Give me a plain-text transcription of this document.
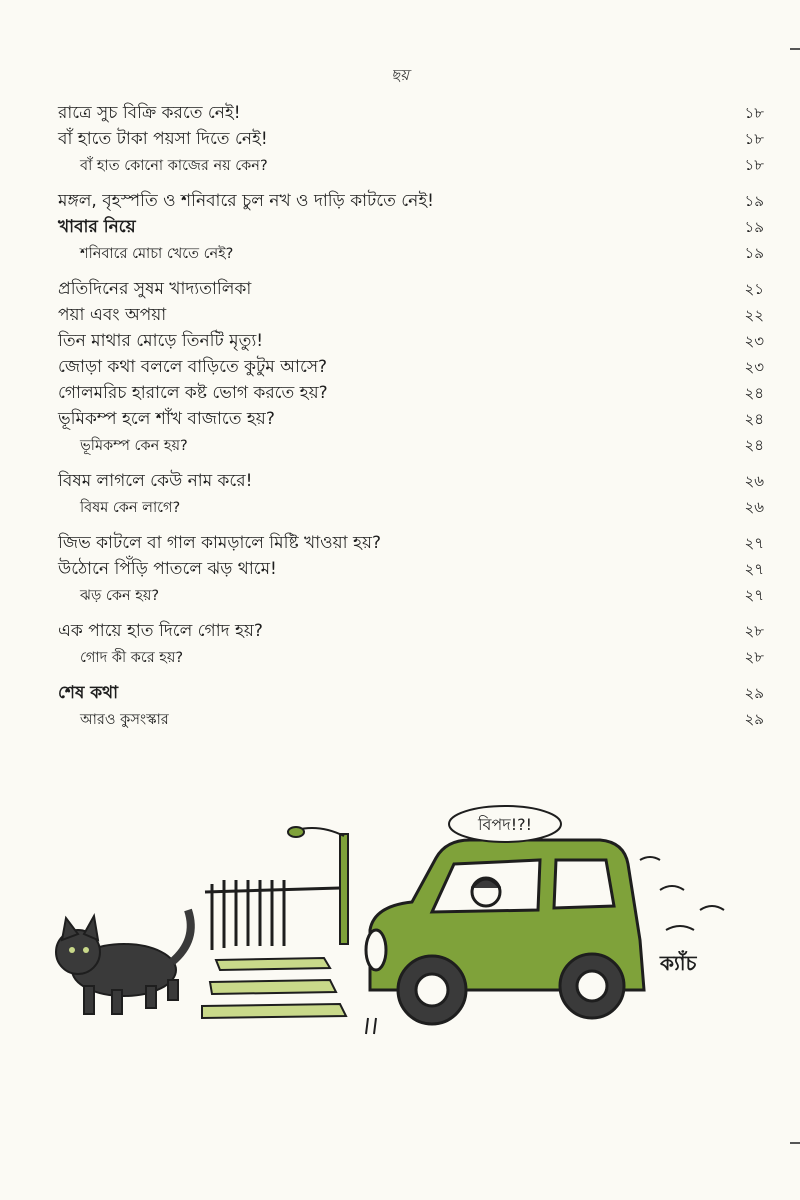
ছয়
রাত্রে সুচ বিক্রি করতে নেই!	১৮
বাঁ হাতে টাকা পয়সা দিতে নেই!	১৮
বাঁ হাত কোনো কাজের নয় কেন?	১৮
মঙ্গল, বৃহস্পতি ও শনিবারে চুল নখ ও দাড়ি কাটতে নেই!	১৯
খাবার নিয়ে	১৯
শনিবারে মোচা খেতে নেই?	১৯
প্রতিদিনের সুষম খাদ্যতালিকা	২১
পয়া এবং অপয়া	২২
তিন মাথার মোড়ে তিনটি মৃত্যু!	২৩
জোড়া কথা বললে বাড়িতে কুটুম আসে?	২৩
গোলমরিচ হারালে কষ্ট ভোগ করতে হয়?	২৪
ভূমিকম্প হলে শাঁখ বাজাতে হয়?	২৪
ভূমিকম্প কেন হয়?	২৪
বিষম লাগলে কেউ নাম করে!	২৬
বিষম কেন লাগে?	২৬
জিভ কাটলে বা গাল কামড়ালে মিষ্টি খাওয়া হয়?	২৭
উঠোনে পিঁড়ি পাতলে ঝড় থামে!	২৭
ঝড় কেন হয়?	২৭
এক পায়ে হাত দিলে গোদ হয়?	২৮
গোদ কী করে হয়?	২৮
শেষ কথা	২৯
আরও কুসংস্কার	২৯
বিপদ!?!
ক্যাঁচ
